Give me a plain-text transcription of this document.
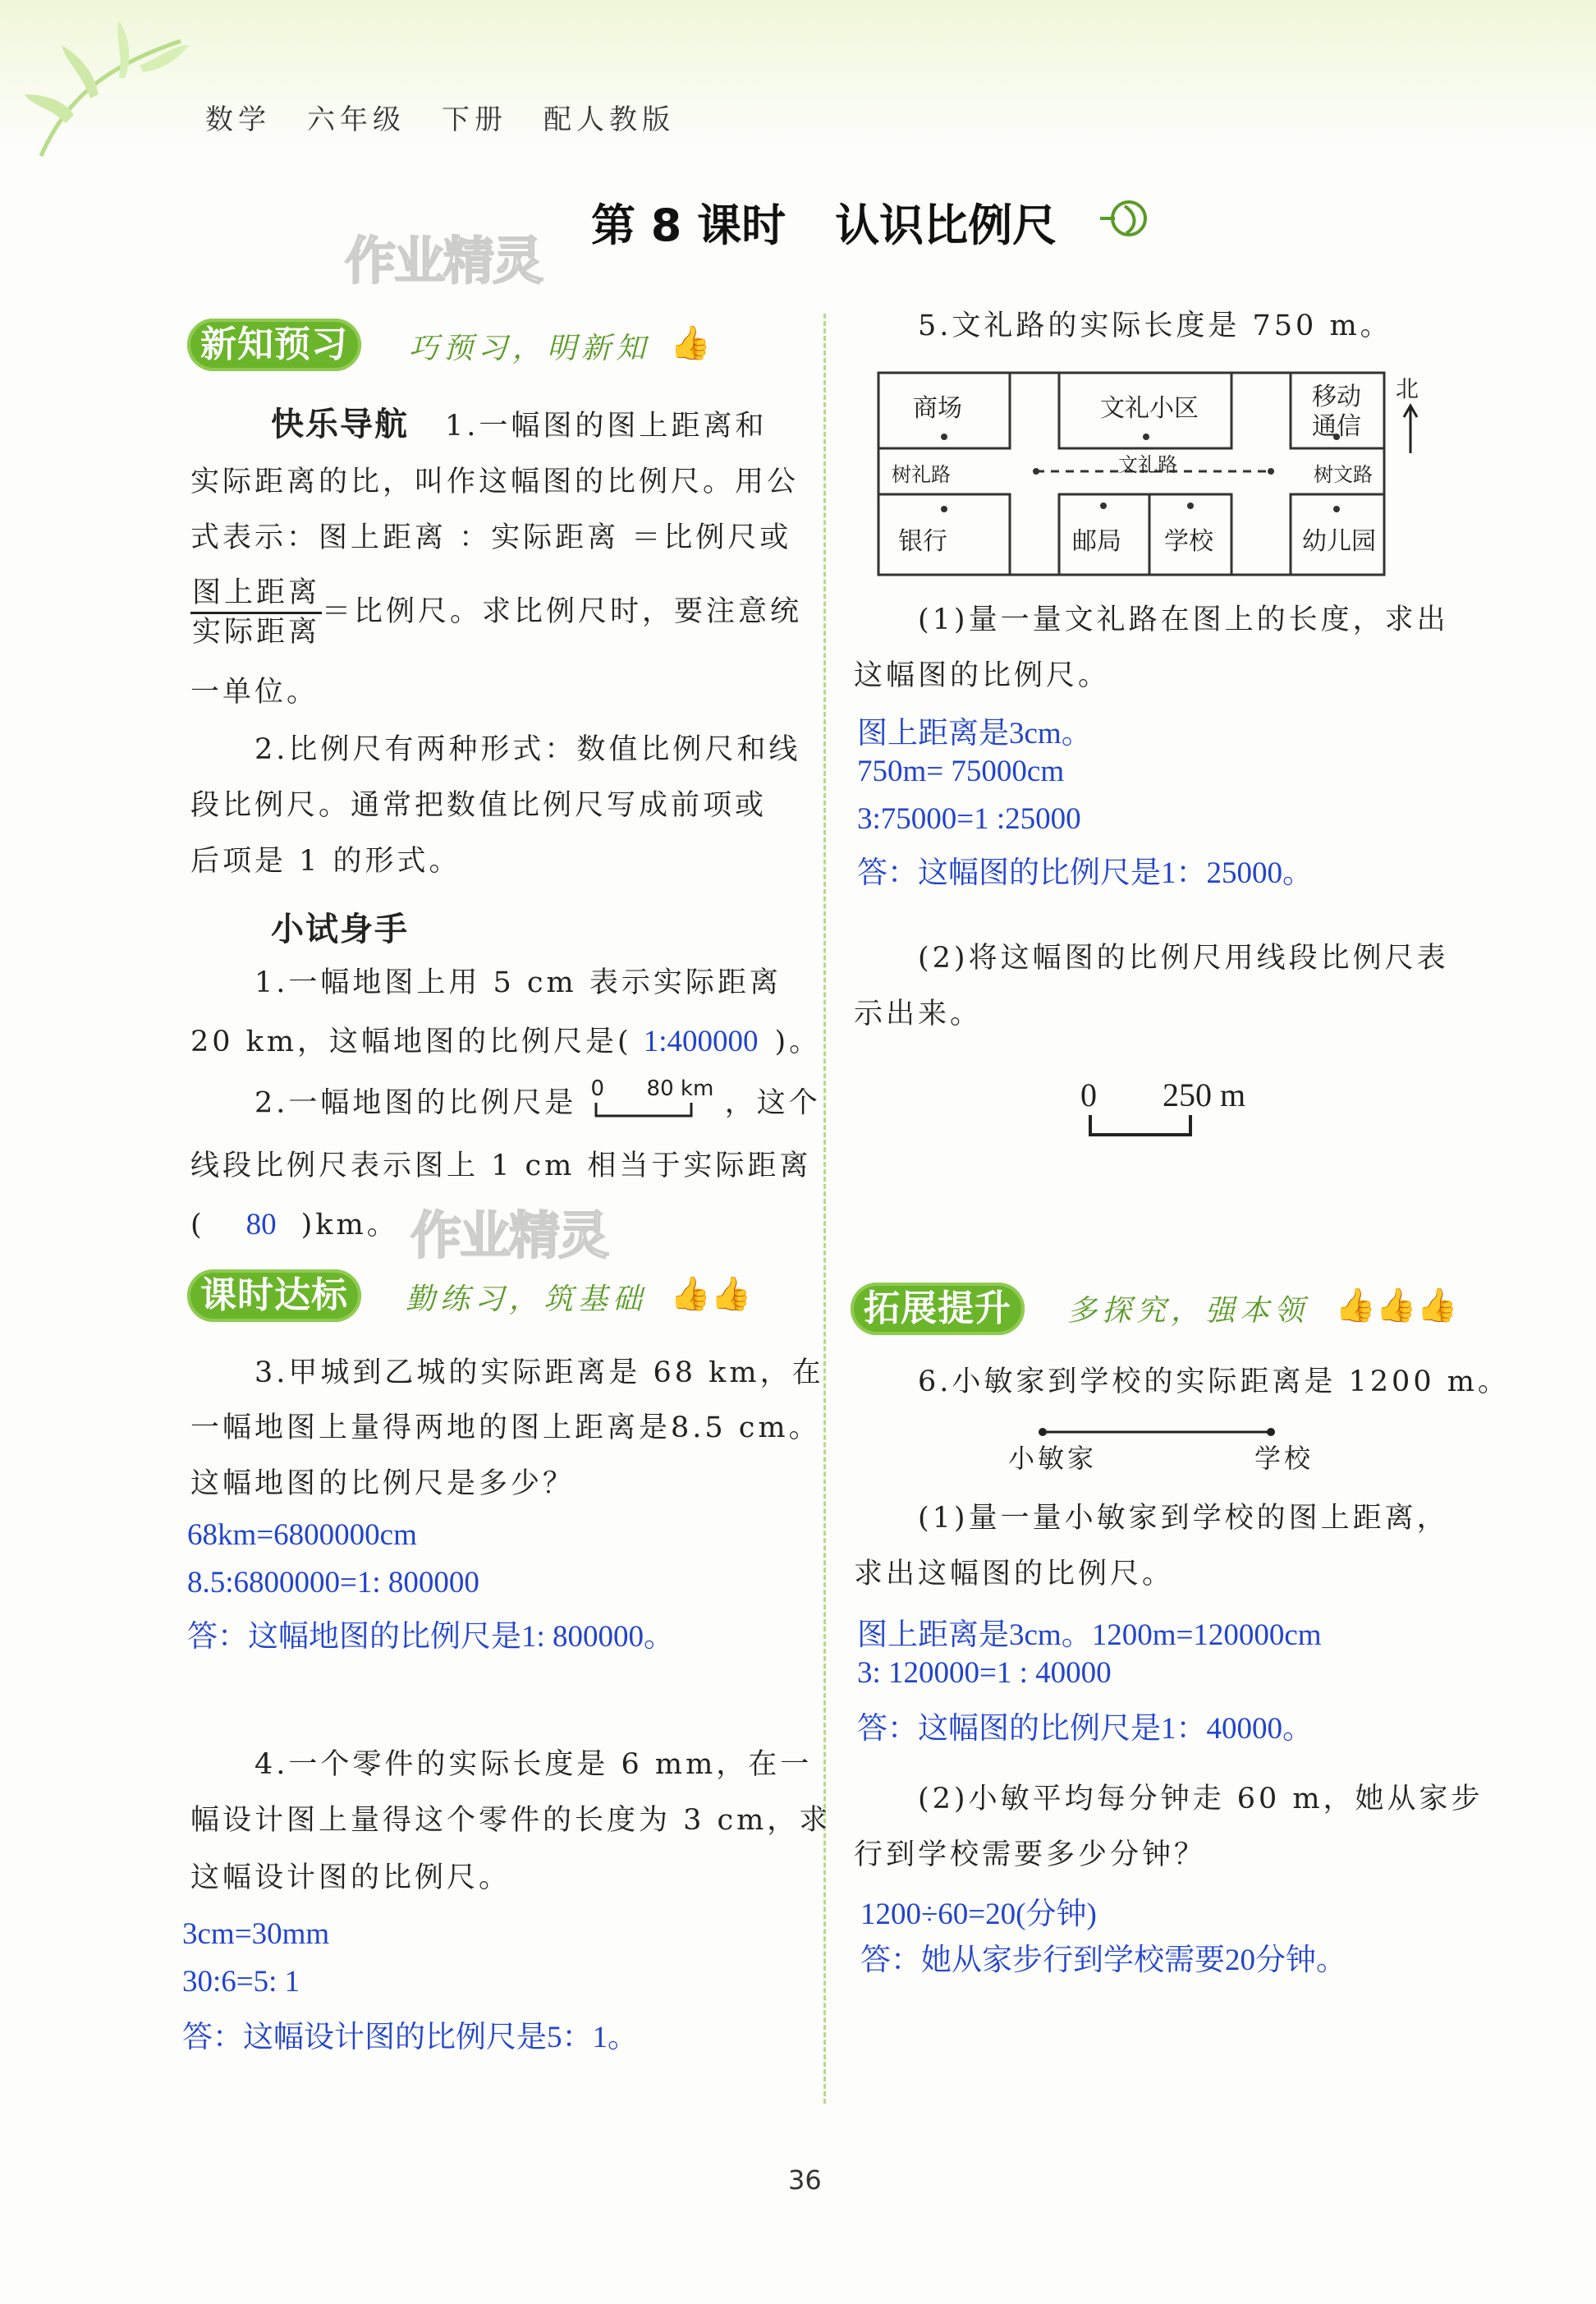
数学 六年级 下册 配人教版
第 8 课时 认识比例尺
作业精灵
新知预习	巧预习，明新知 👍
快乐导航 1.一幅图的图上距离和
实际距离的比，叫作这幅图的比例尺。用公
式表示：图上距离 ：实际距离 ＝比例尺或
$\frac{\text{图上距离}}{\text{实际距离}}$ ＝比例尺。求比例尺时，要注意统
一单位。
2.比例尺有两种形式：数值比例尺和线
段比例尺。通常把数值比例尺写成前项或
后项是 1 的形式。
小试身手
1.一幅地图上用 5 cm 表示实际距离
20 km，这幅地图的比例尺是( 1:400000 )。
2.一幅地图的比例尺是 0 80 km ，这个
线段比例尺表示图上 1 cm 相当于实际距离
( 80 )km。 作业精灵
课时达标	勤练习，筑基础 👍👍
3.甲城到乙城的实际距离是 68 km，在
一幅地图上量得两地的图上距离是8.5 cm。
这幅地图的比例尺是多少？
68km=6800000cm
8.5:6800000=1: 800000
答：这幅地图的比例尺是1: 800000。
4.一个零件的实际长度是 6 mm，在一
幅设计图上量得这个零件的长度为 3 cm，求
这幅设计图的比例尺。
3cm=30mm
30:6=5: 1
答：这幅设计图的比例尺是5：1。
5.文礼路的实际长度是 750 m。
商场	文礼小区	移动
通信
树礼路	文礼路	树文路
银行	邮局 学校	幼儿园
北
(1)量一量文礼路在图上的长度，求出
这幅图的比例尺。
图上距离是3cm。
750m= 75000cm
3:75000=1 :25000
答：这幅图的比例尺是1：25000。
(2)将这幅图的比例尺用线段比例尺表
示出来。
0 250 m
拓展提升	多探究，强本领 👍👍👍
6.小敏家到学校的实际距离是 1200 m。
小敏家	学校
(1)量一量小敏家到学校的图上距离，
求出这幅图的比例尺。
图上距离是3cm。1200m=120000cm
3: 120000=1 : 40000
答：这幅图的比例尺是1：40000。
(2)小敏平均每分钟走 60 m，她从家步
行到学校需要多少分钟？
1200÷60=20(分钟)
答：她从家步行到学校需要20分钟。
36
